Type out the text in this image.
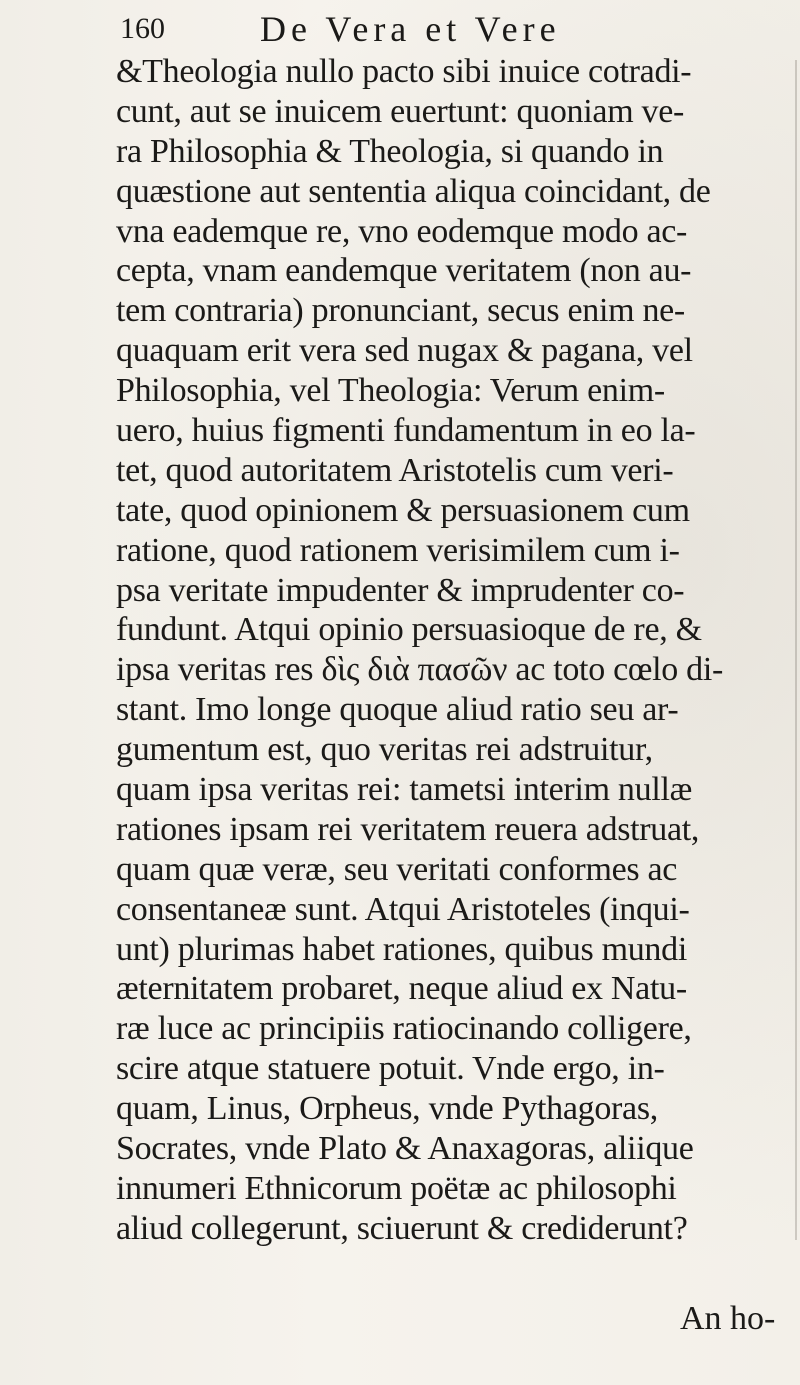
160	De Vera et Vere
&Theologia nullo pacto sibi inuice cotradi-
cunt, aut se inuicem euertunt: quoniam ve-
ra Philosophia & Theologia, si quando in
quæstione aut sententia aliqua coincidant, de
vna eademque re, vno eodemque modo ac-
cepta, vnam eandemque veritatem (non au-
tem contraria) pronunciant, secus enim ne-
quaquam erit vera sed nugax & pagana, vel
Philosophia, vel Theologia: Verum enim-
uero, huius figmenti fundamentum in eo la-
tet, quod autoritatem Aristotelis cum veri-
tate, quod opinionem & persuasionem cum
ratione, quod rationem verisimilem cum i-
psa veritate impudenter & imprudenter co-
fundunt. Atqui opinio persuasioque de re, &
ipsa veritas res δὶς διὰ πασῶν ac toto cœlo di-
stant. Imo longe quoque aliud ratio seu ar-
gumentum est, quo veritas rei adstruitur,
quam ipsa veritas rei: tametsi interim nullæ
rationes ipsam rei veritatem reuera adstruat,
quam quæ veræ, seu veritati conformes ac
consentaneæ sunt. Atqui Aristoteles (inqui-
unt) plurimas habet rationes, quibus mundi
æternitatem probaret, neque aliud ex Natu-
ræ luce ac principiis ratiocinando colligere,
scire atque statuere potuit. Vnde ergo, in-
quam, Linus, Orpheus, vnde Pythagoras,
Socrates, vnde Plato & Anaxagoras, aliique
innumeri Ethnicorum poëtæ ac philosophi
aliud collegerunt, sciuerunt & crediderunt?
An ho-
